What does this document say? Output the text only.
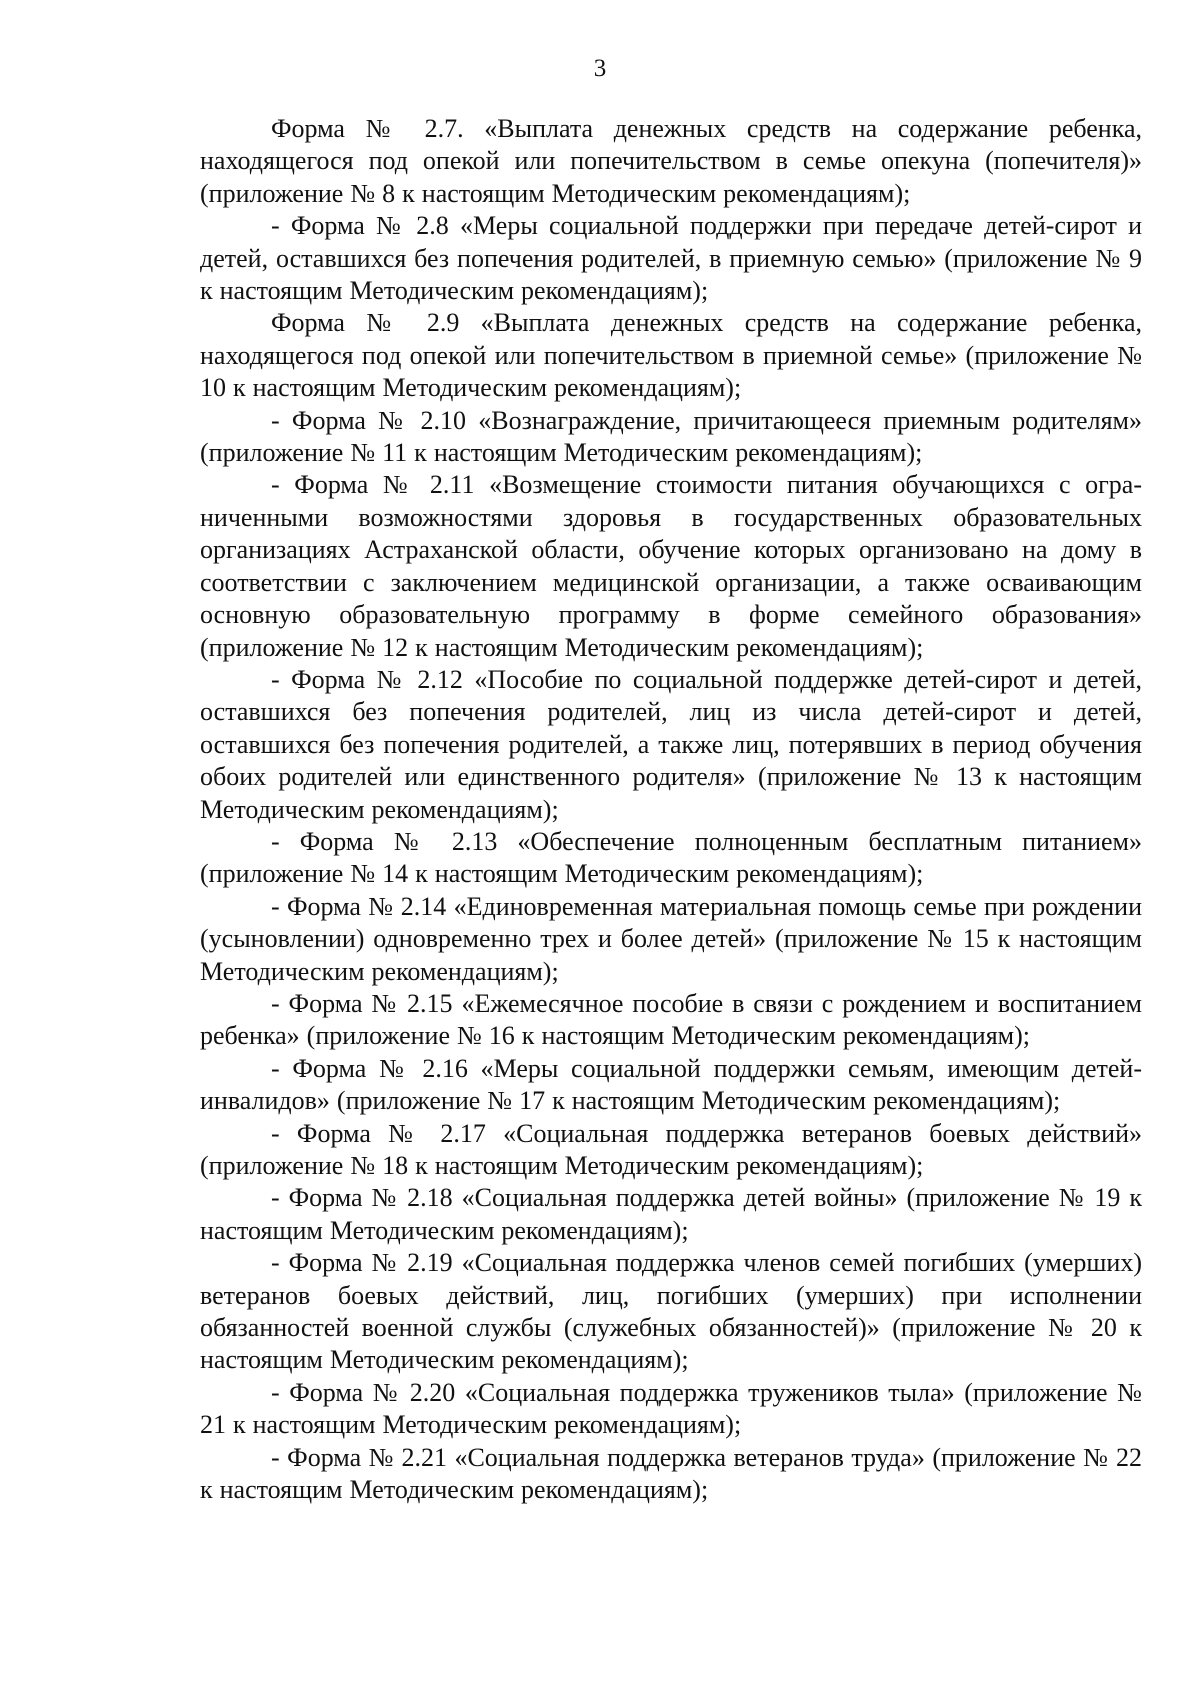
3

Форма № 2.7. «Выплата денежных средств на содержание ребенка, находящегося под опекой или попечительством в семье опекуна (попечителя)» (приложение № 8 к настоящим Методическим рекомендациям);

- Форма № 2.8 «Меры социальной поддержки при передаче детей-сирот и детей, оставшихся без попечения родителей, в приемную семью» (приложение № 9 к настоящим Методическим рекомендациям);

Форма № 2.9 «Выплата денежных средств на содержание ребенка, находящегося под опекой или попечительством в приемной семье» (приложение № 10 к настоящим Методическим рекомендациям);

- Форма № 2.10 «Вознаграждение, причитающееся приемным родителям» (приложение № 11 к настоящим Методическим рекомендациям);

- Форма № 2.11 «Возмещение стоимости питания обучающихся с ограниченными возможностями здоровья в государственных образовательных организациях Астраханской области, обучение которых организовано на дому в соответствии с заключением медицинской организации, а также осваивающим основную образовательную программу в форме семейного образования» (приложение № 12 к настоящим Методическим рекомендациям);

- Форма № 2.12 «Пособие по социальной поддержке детей-сирот и детей, оставшихся без попечения родителей, лиц из числа детей-сирот и детей, оставшихся без попечения родителей, а также лиц, потерявших в период обучения обоих родителей или единственного родителя» (приложение № 13 к настоящим Методическим рекомендациям);

- Форма № 2.13 «Обеспечение полноценным бесплатным питанием» (приложение № 14 к настоящим Методическим рекомендациям);

- Форма № 2.14 «Единовременная материальная помощь семье при рождении (усыновлении) одновременно трех и более детей» (приложение № 15 к настоящим Методическим рекомендациям);

- Форма № 2.15 «Ежемесячное пособие в связи с рождением и воспитанием ребенка» (приложение № 16 к настоящим Методическим рекомендациям);

- Форма № 2.16 «Меры социальной поддержки семьям, имеющим детей-инвалидов» (приложение № 17 к настоящим Методическим рекомендациям);

- Форма № 2.17 «Социальная поддержка ветеранов боевых действий» (приложение № 18 к настоящим Методическим рекомендациям);

- Форма № 2.18 «Социальная поддержка детей войны» (приложение № 19 к настоящим Методическим рекомендациям);

- Форма № 2.19 «Социальная поддержка членов семей погибших (умерших) ветеранов боевых действий, лиц, погибших (умерших) при исполнении обязанностей военной службы (служебных обязанностей)» (приложение № 20 к настоящим Методическим рекомендациям);

- Форма № 2.20 «Социальная поддержка тружеников тыла» (приложение № 21 к настоящим Методическим рекомендациям);

- Форма № 2.21 «Социальная поддержка ветеранов труда» (приложение № 22 к настоящим Методическим рекомендациям);
